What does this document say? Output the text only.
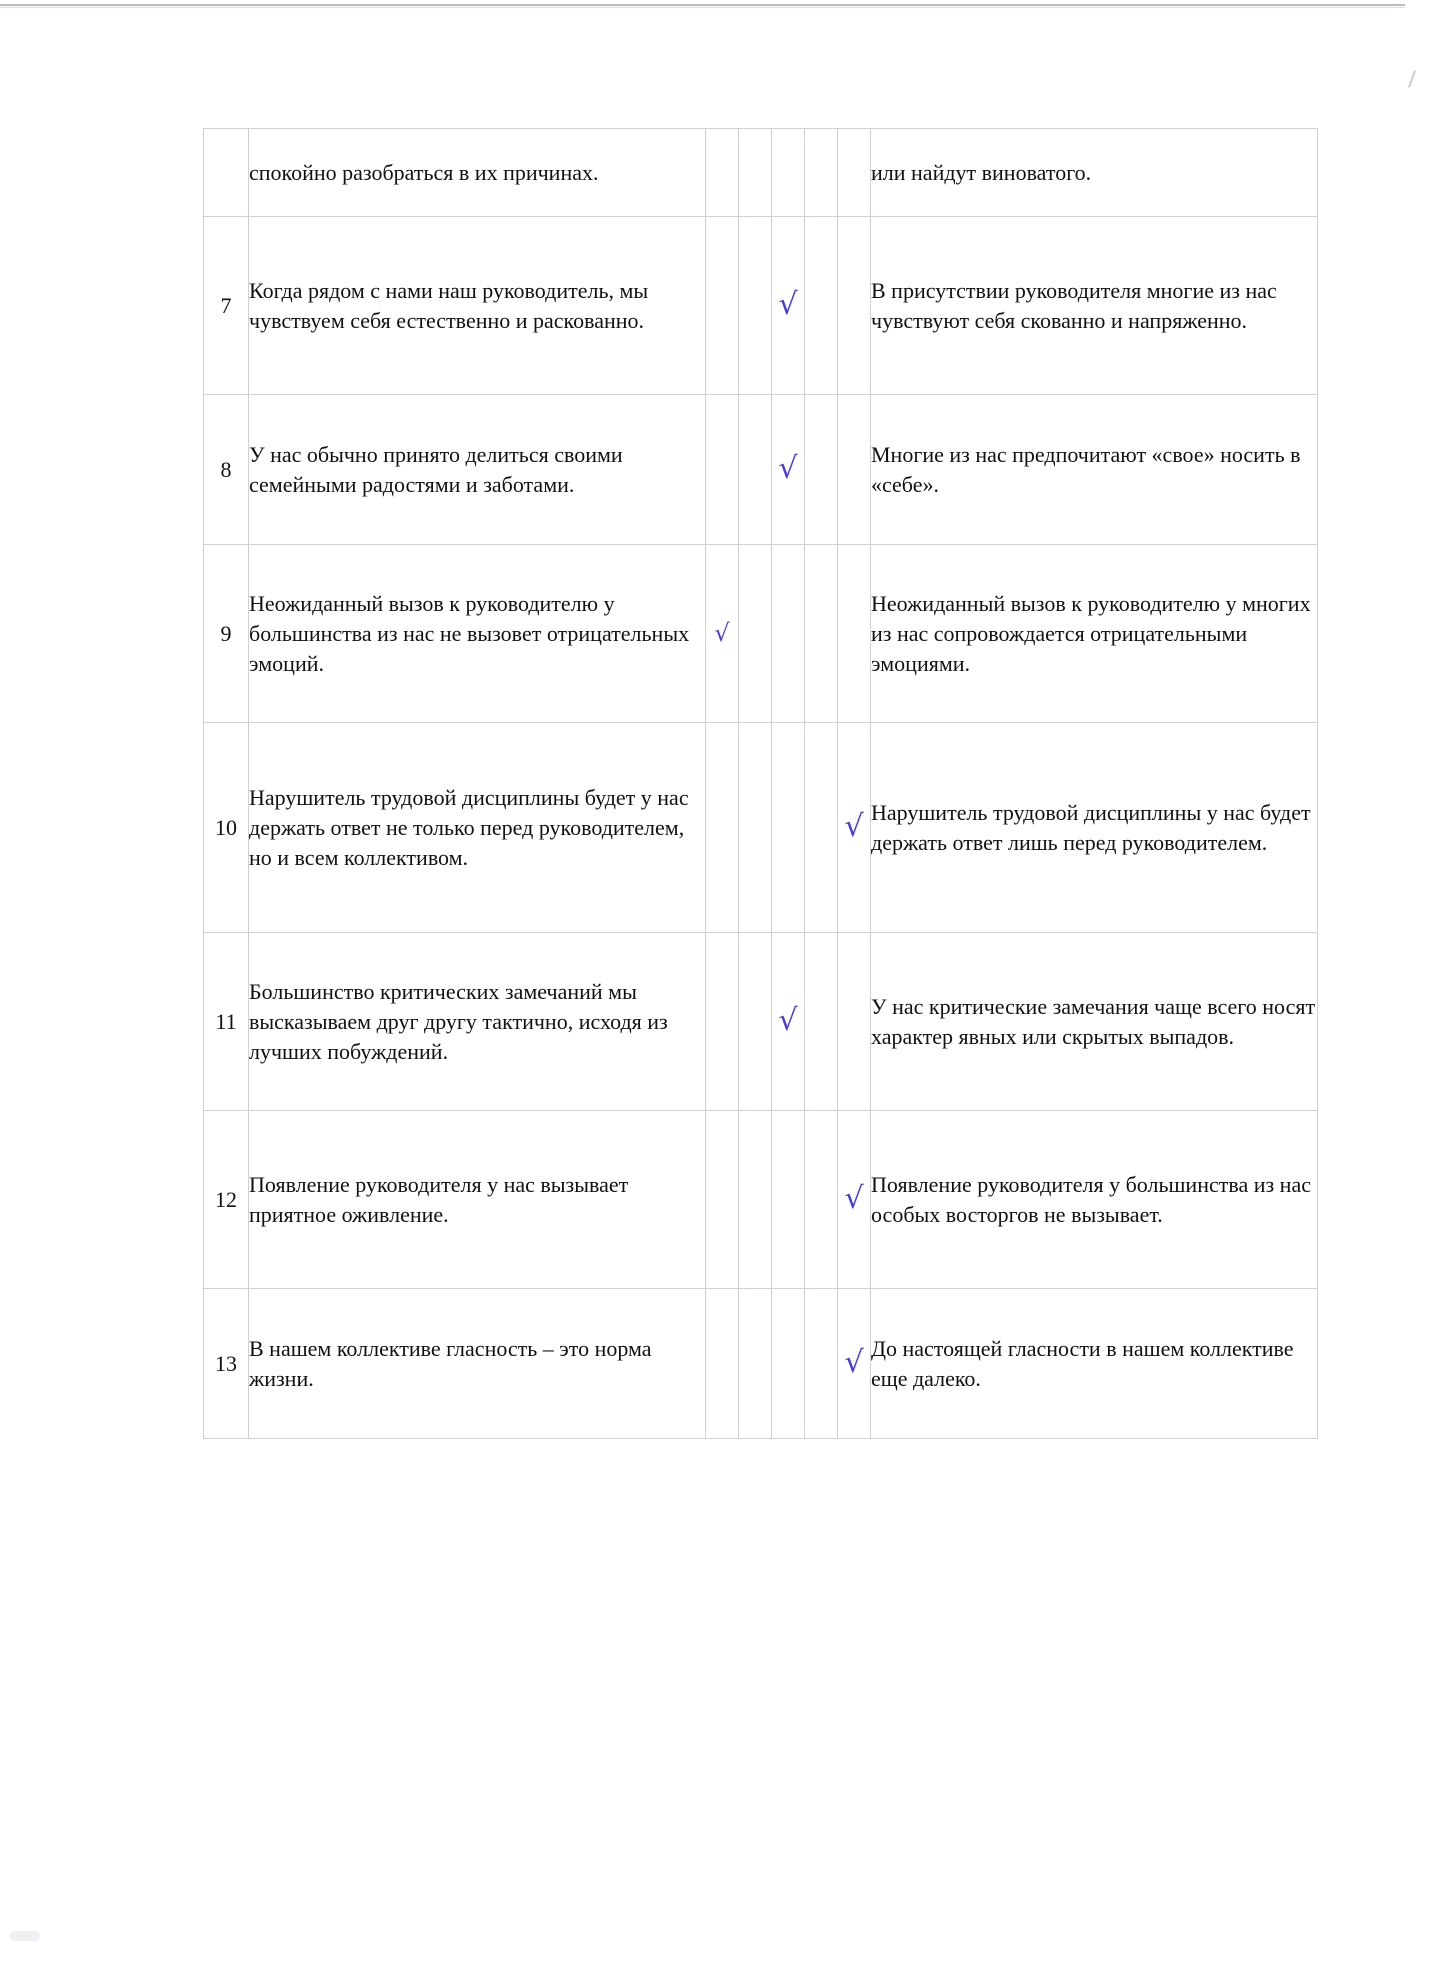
	спокойно разобраться в их причинах.						или найдут виноватого.
7	Когда рядом с нами наш руководитель, мы чувствуем себя естественно и раскованно.			√			В присутствии руководителя многие из нас чувствуют себя скованно и напряженно.
8	У нас обычно принято делиться своими семейными радостями и заботами.			√			Многие из нас предпочитают «свое» носить в «себе».
9	Неожиданный вызов к руководителю у большинства из нас не вызовет отрицательных эмоций.	√					Неожиданный вызов к руководителю у многих из нас сопровождается отрицательными эмоциями.
10	Нарушитель трудовой дисциплины будет у нас держать ответ не только перед руководителем, но и всем коллективом.					√	Нарушитель трудовой дисциплины у нас будет держать ответ лишь перед руководителем.
11	Большинство критических замечаний мы высказываем друг другу тактично, исходя из лучших побуждений.			√			У нас критические замечания чаще всего носят характер явных или скрытых выпадов.
12	Появление руководителя у нас вызывает приятное оживление.					√	Появление руководителя у большинства из нас особых восторгов не вызывает.
13	В нашем коллективе гласность – это норма жизни.					√	До настоящей гласности в нашем коллективе еще далеко.
